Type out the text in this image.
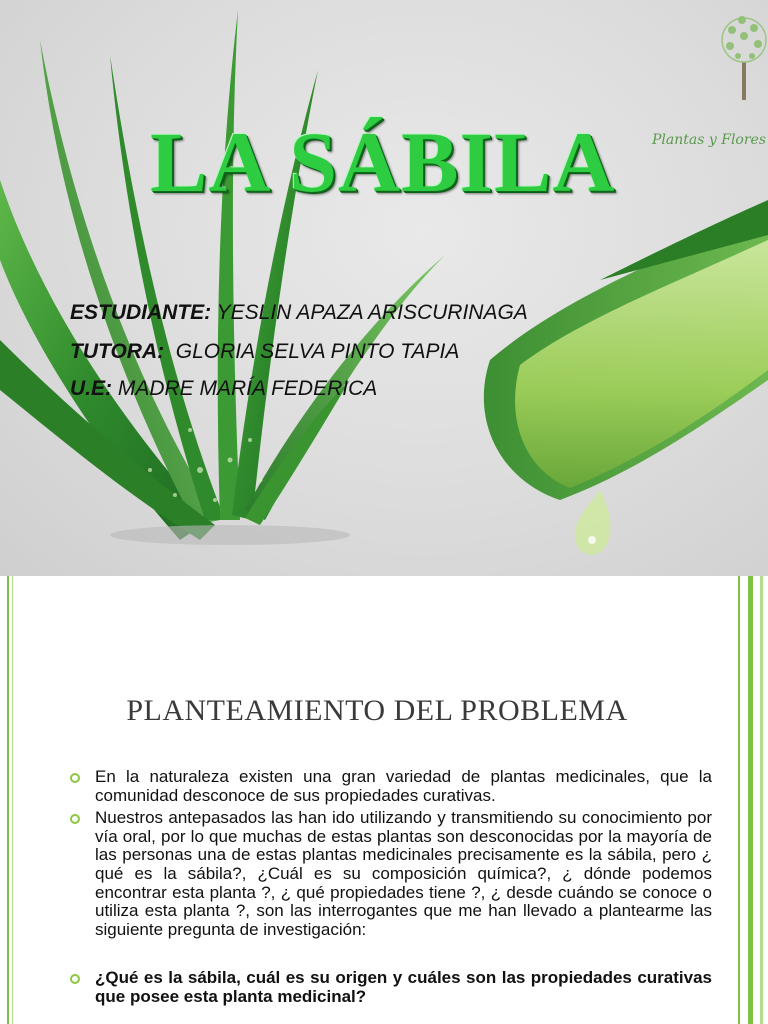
LA SÁBILA	Plantas y Flores
ESTUDIANTE: YESLIN APAZA ARISCURINAGA
TUTORA:  GLORIA SELVA PINTO TAPIA
U.E: MADRE MARÍA FEDERICA
PLANTEAMIENTO DEL PROBLEMA
En la naturaleza existen una gran variedad de plantas medicinales, que la comunidad desconoce de sus propiedades curativas.
Nuestros antepasados las han ido utilizando y transmitiendo su conocimiento por vía oral, por lo que muchas de estas plantas son desconocidas por la mayoría de las personas una de estas plantas medicinales precisamente es la sábila, pero ¿ qué es la sábila?, ¿Cuál es su composición química?, ¿ dónde podemos encontrar esta planta ?, ¿ qué propiedades tiene ?, ¿ desde cuándo se conoce o utiliza esta planta ?, son las interrogantes que me han llevado a plantearme las siguiente pregunta de investigación:
¿Qué es la sábila, cuál es su origen y cuáles son las propiedades curativas que posee esta planta medicinal?
